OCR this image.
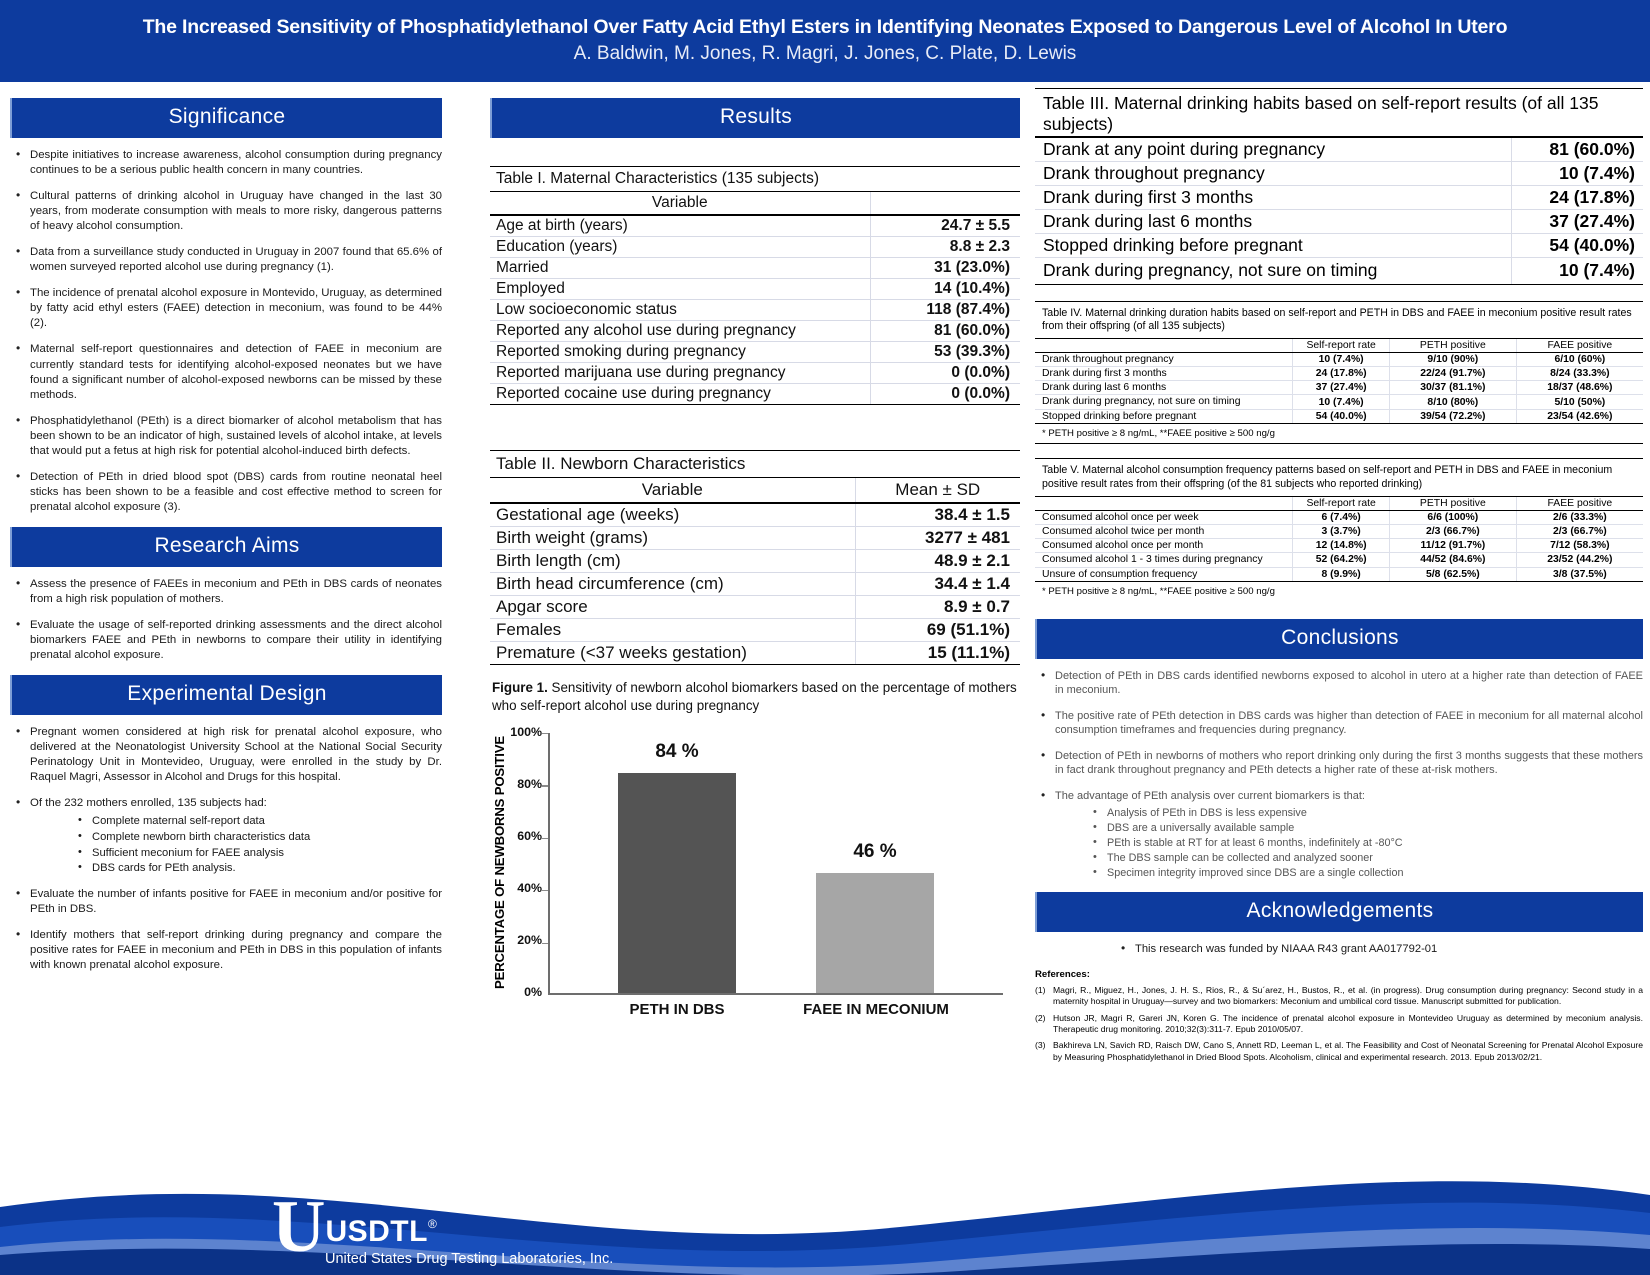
The Increased Sensitivity of Phosphatidylethanol Over Fatty Acid Ethyl Esters in Identifying Neonates Exposed to Dangerous Level of Alcohol In Utero
A. Baldwin, M. Jones, R. Magri, J. Jones, C. Plate, D. Lewis
Significance
• Despite initiatives to increase awareness, alcohol consumption during pregnancy continues to be a serious public health concern in many countries.
• Cultural patterns of drinking alcohol in Uruguay have changed in the last 30 years, from moderate consumption with meals to more risky, dangerous patterns of heavy alcohol consumption.
• Data from a surveillance study conducted in Uruguay in 2007 found that 65.6% of women surveyed reported alcohol use during pregnancy (1).
• The incidence of prenatal alcohol exposure in Montevido, Uruguay, as determined by fatty acid ethyl esters (FAEE) detection in meconium, was found to be 44% (2).
• Maternal self-report questionnaires and detection of FAEE in meconium are currently standard tests for identifying alcohol-exposed neonates but we have found a significant number of alcohol-exposed newborns can be missed by these methods.
• Phosphatidylethanol (PEth) is a direct biomarker of alcohol metabolism that has been shown to be an indicator of high, sustained levels of alcohol intake, at levels that would put a fetus at high risk for potential alcohol-induced birth defects.
• Detection of PEth in dried blood spot (DBS) cards from routine neonatal heel sticks has been shown to be a feasible and cost effective method to screen for prenatal alcohol exposure (3).
Research Aims
• Assess the presence of FAEEs in meconium and PEth in DBS cards of neonates from a high risk population of mothers.
• Evaluate the usage of self-reported drinking assessments and the direct alcohol biomarkers FAEE and PEth in newborns to compare their utility in identifying prenatal alcohol exposure.
Experimental Design
• Pregnant women considered at high risk for prenatal alcohol exposure, who delivered at the Neonatologist University School at the National Social Security Perinatology Unit in Montevideo, Uruguay, were enrolled in the study by Dr. Raquel Magri, Assessor in Alcohol and Drugs for this hospital.
• Of the 232 mothers enrolled, 135 subjects had:
• Complete maternal self-report data
• Complete newborn birth characteristics data
• Sufficient meconium for FAEE analysis
• DBS cards for PEth analysis.
• Evaluate the number of infants positive for FAEE in meconium and/or positive for PEth in DBS.
• Identify mothers that self-report drinking during pregnancy and compare the positive rates for FAEE in meconium and PEth in DBS in this population of infants with known prenatal alcohol exposure.
Results
Table I. Maternal Characteristics (135 subjects)	
Variable	
Age at birth (years)	24.7 ± 5.5
Education (years)	8.8 ± 2.3
Married	31 (23.0%)
Employed	14 (10.4%)
Low socioeconomic status	118 (87.4%)
Reported any alcohol use during pregnancy	81 (60.0%)
Reported smoking during pregnancy	53 (39.3%)
Reported marijuana use during pregnancy	0 (0.0%)
Reported cocaine use during pregnancy	0 (0.0%)
Table II. Newborn Characteristics	
Variable	Mean ± SD
Gestational age (weeks)	38.4 ± 1.5
Birth weight (grams)	3277 ± 481
Birth length (cm)	48.9 ± 2.1
Birth head circumference (cm)	34.4 ± 1.4
Apgar score	8.9 ± 0.7
Females	69 (51.1%)
Premature (<37 weeks gestation)	15 (11.1%)
Figure 1. Sensitivity of newborn alcohol biomarkers based on the percentage of mothers who self-report alcohol use during pregnancy
PERCENTAGE OF NEWBORNS POSITIVE
100%
80%
60%
40%
20%
0%
84 %
46 %
PETH IN DBS	FAEE IN MECONIUM
Table III. Maternal drinking habits based on self-report results (of all 135 subjects)	
Drank at any point during pregnancy	81 (60.0%)
Drank throughout pregnancy	10 (7.4%)
Drank during first 3 months	24 (17.8%)
Drank during last 6 months	37 (27.4%)
Stopped drinking before pregnant	54 (40.0%)
Drank during pregnancy, not sure on timing	10 (7.4%)
Table IV. Maternal drinking duration habits based on self-report and PETH in DBS and FAEE in meconium positive result rates from their offspring (of all 135 subjects)			
	Self-report rate	PETH positive	FAEE positive
Drank throughout pregnancy	10 (7.4%)	9/10 (90%)	6/10 (60%)
Drank during first 3 months	24 (17.8%)	22/24 (91.7%)	8/24 (33.3%)
Drank during last 6 months	37 (27.4%)	30/37 (81.1%)	18/37 (48.6%)
Drank during pregnancy, not sure on timing	10 (7.4%)	8/10 (80%)	5/10 (50%)
Stopped drinking before pregnant	54 (40.0%)	39/54 (72.2%)	23/54 (42.6%)
* PETH positive ≥ 8 ng/mL, **FAEE positive ≥ 500 ng/g			
Table V. Maternal alcohol consumption frequency patterns based on self-report and PETH in DBS and FAEE in meconium positive result rates from their offspring (of the 81 subjects who reported drinking)			
	Self-report rate	PETH positive	FAEE positive
Consumed alcohol once per week	6 (7.4%)	6/6 (100%)	2/6 (33.3%)
Consumed alcohol twice per month	3 (3.7%)	2/3 (66.7%)	2/3 (66.7%)
Consumed alcohol once per month	12 (14.8%)	11/12 (91.7%)	7/12 (58.3%)
Consumed alcohol 1 - 3 times during pregnancy	52 (64.2%)	44/52 (84.6%)	23/52 (44.2%)
Unsure of consumption frequency	8 (9.9%)	5/8 (62.5%)	3/8 (37.5%)
* PETH positive ≥ 8 ng/mL, **FAEE positive ≥ 500 ng/g			
Conclusions
• Detection of PEth in DBS cards identified newborns exposed to alcohol in utero at a higher rate than detection of FAEE in meconium.
• The positive rate of PEth detection in DBS cards was higher than detection of FAEE in meconium for all maternal alcohol consumption timeframes and frequencies during pregnancy.
• Detection of PEth in newborns of mothers who report drinking only during the first 3 months suggests that these mothers in fact drank throughout pregnancy and PEth detects a higher rate of these at-risk mothers.
• The advantage of PEth analysis over current biomarkers is that:
• Analysis of PEth in DBS is less expensive
• DBS are a universally available sample
• PEth is stable at RT for at least 6 months, indefinitely at -80°C
• The DBS sample can be collected and analyzed sooner
• Specimen integrity improved since DBS are a single collection
Acknowledgements
• This research was funded by NIAAA R43 grant AA017792-01
References:
(1) Magri, R., Miguez, H., Jones, J. H. S., Rios, R., & Su´arez, H., Bustos, R., et al. (in progress). Drug consumption during pregnancy: Second study in a maternity hospital in Uruguay—survey and two biomarkers: Meconium and umbilical cord tissue. Manuscript submitted for publication.
(2) Hutson JR, Magri R, Gareri JN, Koren G. The incidence of prenatal alcohol exposure in Montevideo Uruguay as determined by meconium analysis. Therapeutic drug monitoring. 2010;32(3):311-7. Epub 2010/05/07.
(3) Bakhireva LN, Savich RD, Raisch DW, Cano S, Annett RD, Leeman L, et al. The Feasibility and Cost of Neonatal Screening for Prenatal Alcohol Exposure by Measuring Phosphatidylethanol in Dried Blood Spots. Alcoholism, clinical and experimental research. 2013. Epub 2013/02/21.
U USDTL ®
United States Drug Testing Laboratories, Inc.
